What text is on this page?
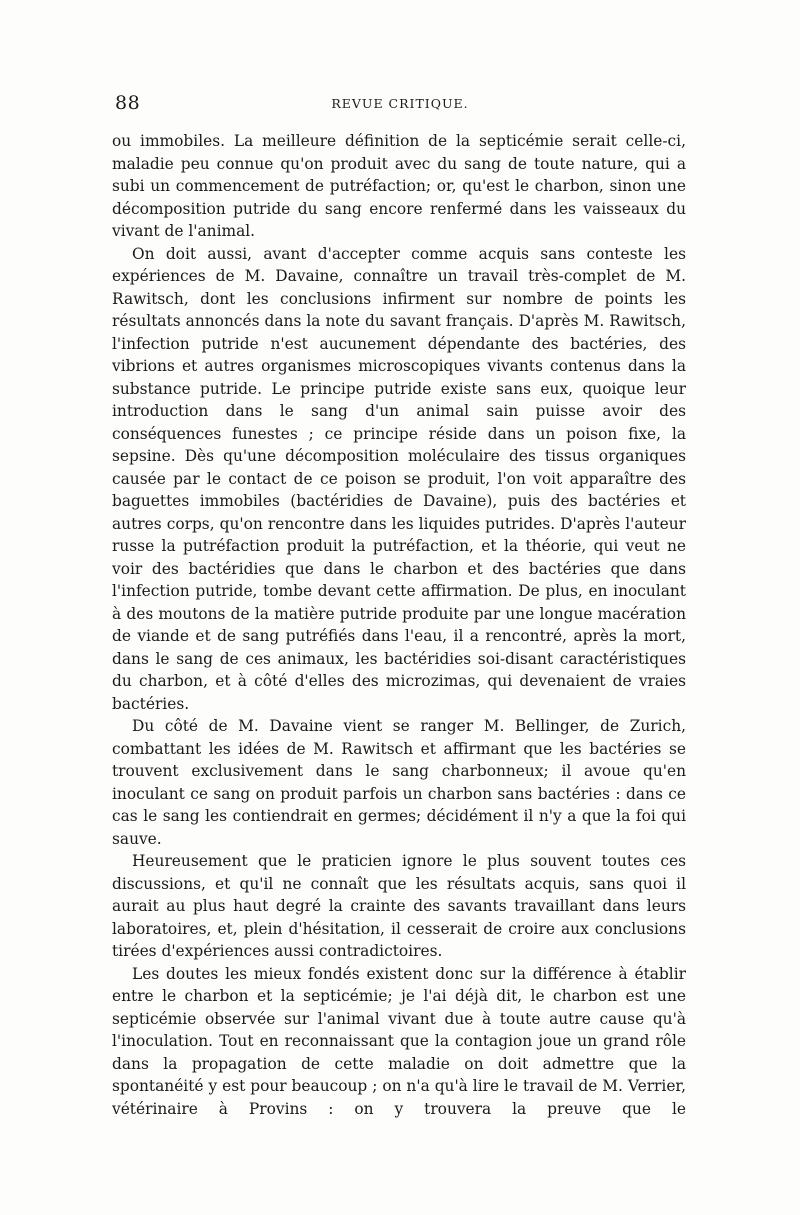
88	REVUE CRITIQUE.

ou immobiles. La meilleure définition de la septicémie serait celle-ci, maladie peu connue qu'on produit avec du sang de toute nature, qui a subi un commencement de putréfaction; or, qu'est le charbon, sinon une décomposition putride du sang encore renfermé dans les vaisseaux du vivant de l'animal.

On doit aussi, avant d'accepter comme acquis sans conteste les expériences de M. Davaine, connaître un travail très-complet de M. Rawitsch, dont les conclusions infirment sur nombre de points les résultats annoncés dans la note du savant français. D'après M. Rawitsch, l'infection putride n'est aucunement dépendante des bactéries, des vibrions et autres organismes microscopiques vivants contenus dans la substance putride. Le principe putride existe sans eux, quoique leur introduction dans le sang d'un animal sain puisse avoir des conséquences funestes ; ce principe réside dans un poison fixe, la sepsine. Dès qu'une décomposition moléculaire des tissus organiques causée par le contact de ce poison se produit, l'on voit apparaître des baguettes immobiles (bactéridies de Davaine), puis des bactéries et autres corps, qu'on rencontre dans les liquides putrides. D'après l'auteur russe la putréfaction produit la putréfaction, et la théorie, qui veut ne voir des bactéridies que dans le charbon et des bactéries que dans l'infection putride, tombe devant cette affirmation. De plus, en inoculant à des moutons de la matière putride produite par une longue macération de viande et de sang putréfiés dans l'eau, il a rencontré, après la mort, dans le sang de ces animaux, les bactéridies soi-disant caractéristiques du charbon, et à côté d'elles des microzimas, qui devenaient de vraies bactéries.

Du côté de M. Davaine vient se ranger M. Bellinger, de Zurich, combattant les idées de M. Rawitsch et affirmant que les bactéries se trouvent exclusivement dans le sang charbonneux; il avoue qu'en inoculant ce sang on produit parfois un charbon sans bactéries : dans ce cas le sang les contiendrait en germes; décidément il n'y a que la foi qui sauve.

Heureusement que le praticien ignore le plus souvent toutes ces discussions, et qu'il ne connaît que les résultats acquis, sans quoi il aurait au plus haut degré la crainte des savants travaillant dans leurs laboratoires, et, plein d'hésitation, il cesserait de croire aux conclusions tirées d'expériences aussi contradictoires.

Les doutes les mieux fondés existent donc sur la différence à établir entre le charbon et la septicémie; je l'ai déjà dit, le charbon est une septicémie observée sur l'animal vivant due à toute autre cause qu'à l'inoculation. Tout en reconnaissant que la contagion joue un grand rôle dans la propagation de cette maladie on doit admettre que la spontanéité y est pour beaucoup ; on n'a qu'à lire le travail de M. Verrier, vétérinaire à Provins : on y trouvera la preuve que le
